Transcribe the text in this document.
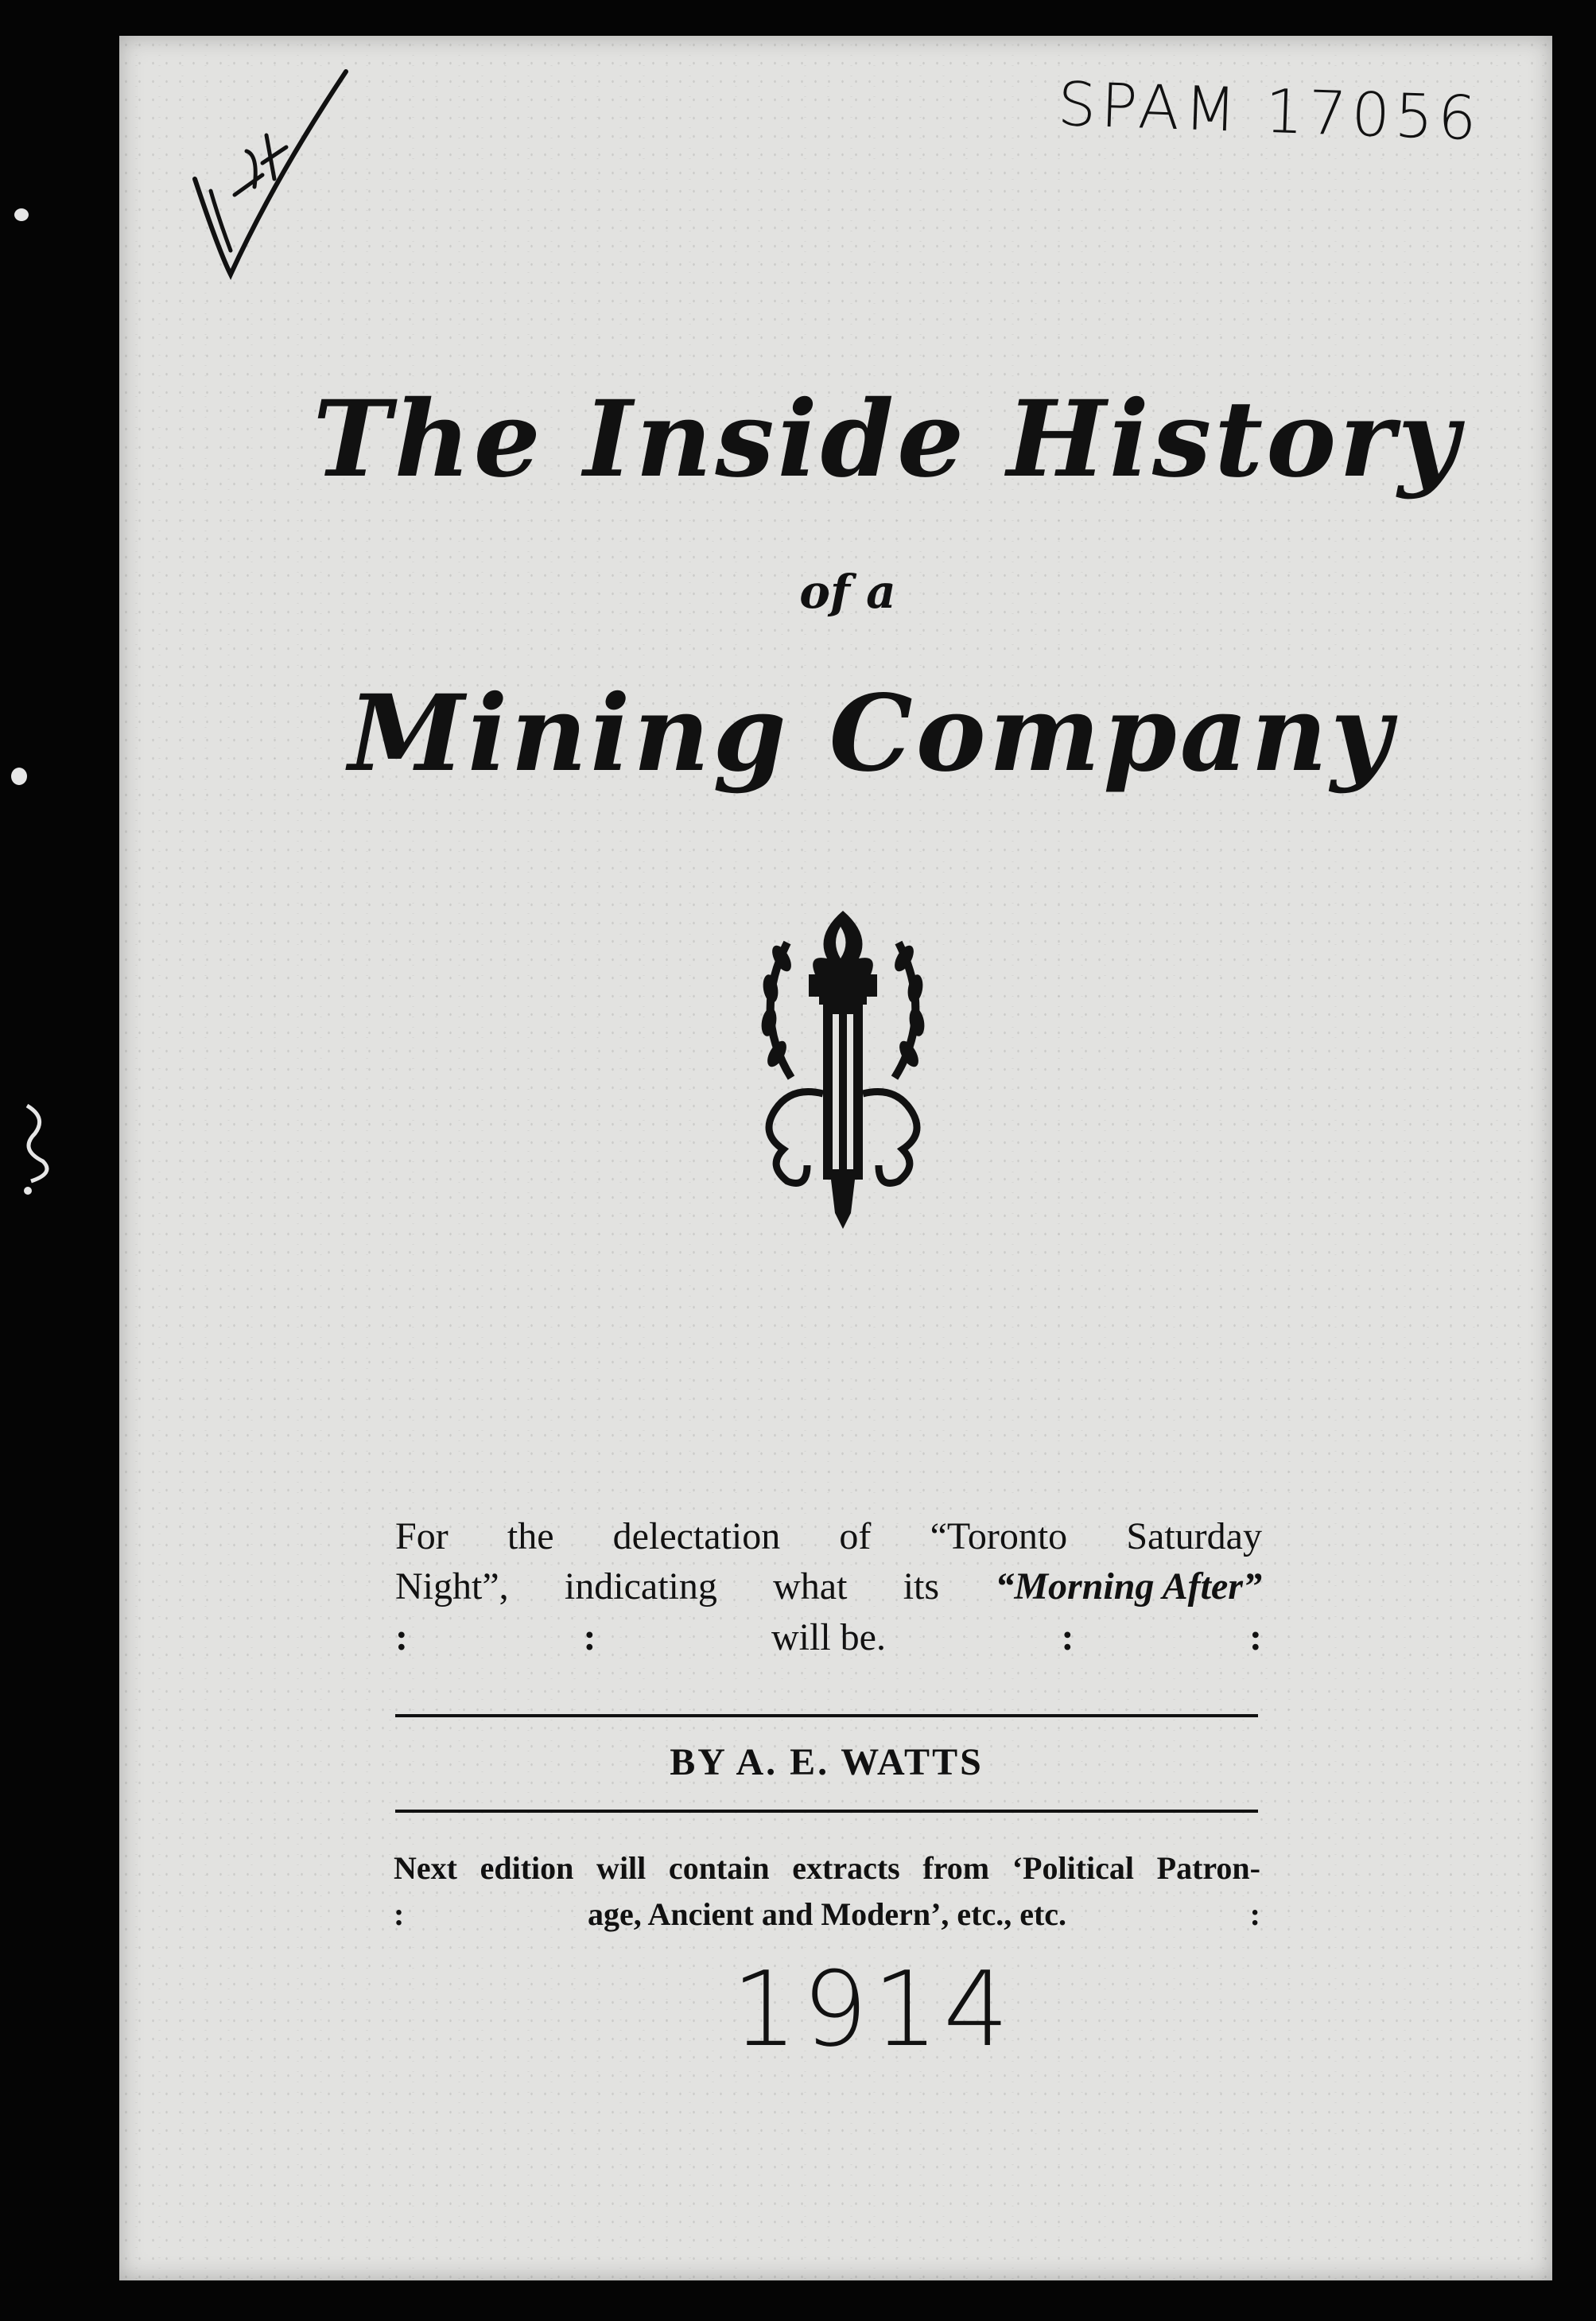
SPAM 17056
The Inside History
of a
Mining Company
For the delectation of “Toronto Saturday
Night”, indicating what its “Morning After”
:	:	will be.	:	:
BY A. E. WATTS
Next edition will contain extracts from ‘Political Patron-
:	age, Ancient and Modern’, etc., etc.	:
1914
